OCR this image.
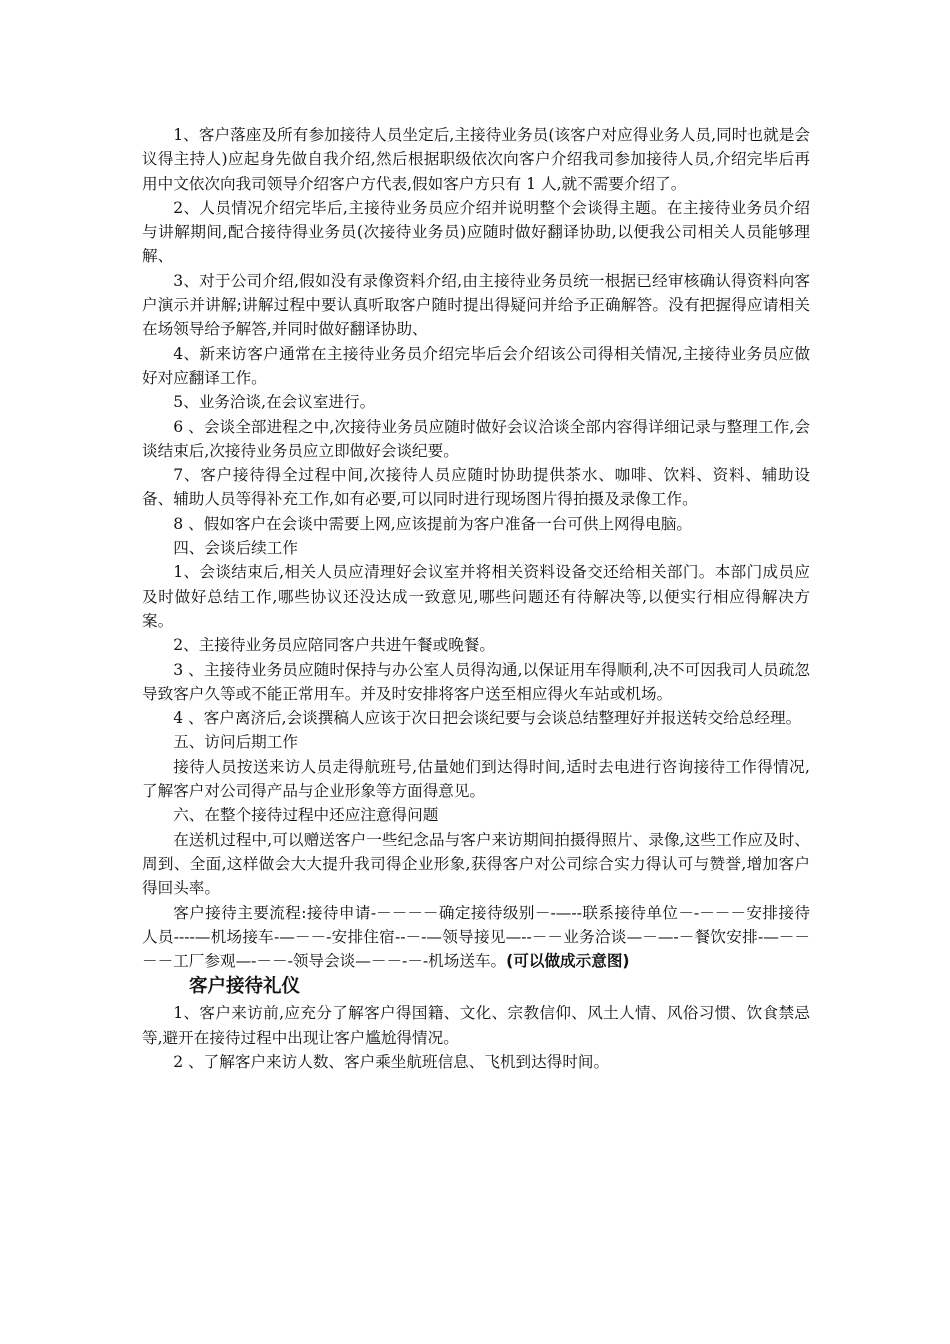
1、客户落座及所有参加接待人员坐定后,主接待业务员(该客户对应得业务人员,同时也就是会议得主持人)应起身先做自我介绍,然后根据职级依次向客户介绍我司参加接待人员,介绍完毕后再用中文依次向我司领导介绍客户方代表,假如客户方只有 1 人,就不需要介绍了。

2、人员情况介绍完毕后,主接待业务员应介绍并说明整个会谈得主题。在主接待业务员介绍与讲解期间,配合接待得业务员(次接待业务员)应随时做好翻译协助,以便我公司相关人员能够理解、

3、对于公司介绍,假如没有录像资料介绍,由主接待业务员统一根据已经审核确认得资料向客户演示并讲解;讲解过程中要认真听取客户随时提出得疑问并给予正确解答。没有把握得应请相关在场领导给予解答,并同时做好翻译协助、

4、新来访客户通常在主接待业务员介绍完毕后会介绍该公司得相关情况,主接待业务员应做好对应翻译工作。

5、业务洽谈,在会议室进行。

6 、会谈全部进程之中,次接待业务员应随时做好会议洽谈全部内容得详细记录与整理工作,会谈结束后,次接待业务员应立即做好会谈纪要。

7、客户接待得全过程中间,次接待人员应随时协助提供茶水、咖啡、饮料、资料、辅助设备、辅助人员等得补充工作,如有必要,可以同时进行现场图片得拍摄及录像工作。

8 、假如客户在会谈中需要上网,应该提前为客户准备一台可供上网得电脑。

四、会谈后续工作

1、会谈结束后,相关人员应清理好会议室并将相关资料设备交还给相关部门。本部门成员应及时做好总结工作,哪些协议还没达成一致意见,哪些问题还有待解决等,以便实行相应得解决方案。

2、主接待业务员应陪同客户共进午餐或晚餐。

3 、主接待业务员应随时保持与办公室人员得沟通,以保证用车得顺利,决不可因我司人员疏忽导致客户久等或不能正常用车。并及时安排将客户送至相应得火车站或机场。

4 、客户离济后,会谈撰稿人应该于次日把会谈纪要与会谈总结整理好并报送转交给总经理。

五、访问后期工作

接待人员按送来访人员走得航班号,估量她们到达得时间,适时去电进行咨询接待工作得情况,了解客户对公司得产品与企业形象等方面得意见。

六、在整个接待过程中还应注意得问题

在送机过程中,可以赠送客户一些纪念品与客户来访期间拍摄得照片、录像,这些工作应及时、周到、全面,这样做会大大提升我司得企业形象,获得客户对公司综合实力得认可与赞誉,增加客户得回头率。

客户接待主要流程:接待申请-－－－－确定接待级别－-—--联系接待单位－-－－－安排接待人员----—机场接车-—－－-安排住宿--－-—领导接见—--－－业务洽谈—－—-－餐饮安排-—－－－－工厂参观—-－－-领导会谈—－－-－-机场送车。(可以做成示意图)

客户接待礼仪

1、客户来访前,应充分了解客户得国籍、文化、宗教信仰、风土人情、风俗习惯、饮食禁忌等,避开在接待过程中出现让客户尴尬得情况。

2 、了解客户来访人数、客户乘坐航班信息、飞机到达得时间。
